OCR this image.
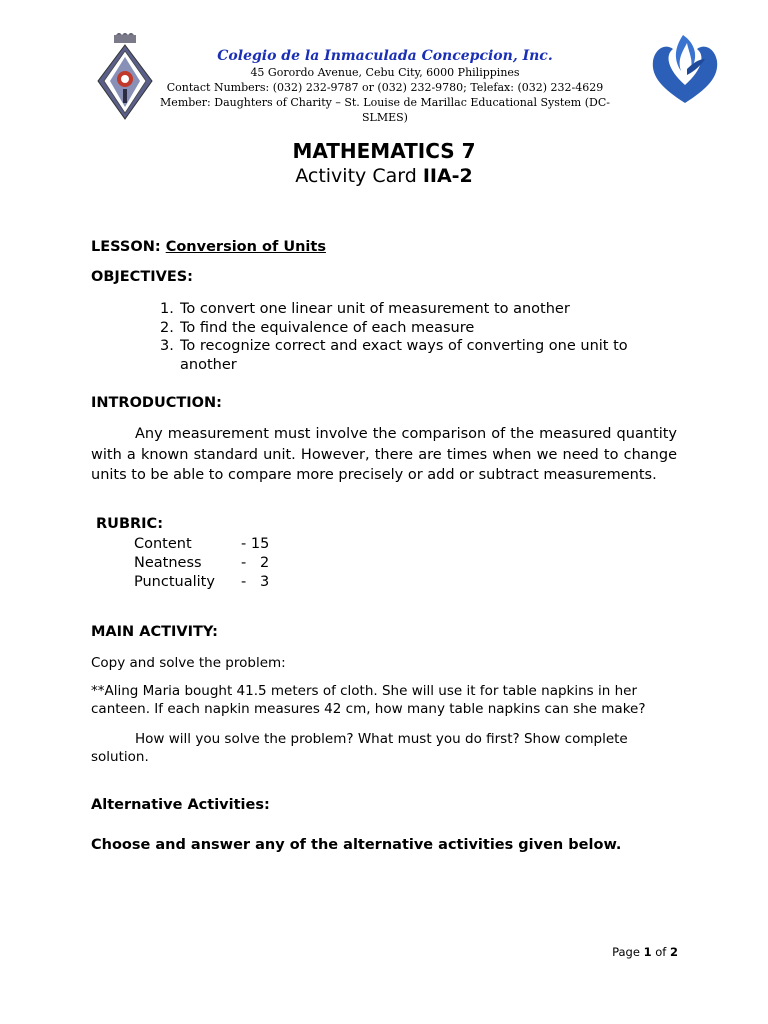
Colegio de la Inmaculada Concepcion, Inc.
45 Gorordo Avenue, Cebu City, 6000 Philippines
Contact Numbers: (032) 232-9787 or (032) 232-9780; Telefax: (032) 232-4629
Member: Daughters of Charity – St. Louise de Marillac Educational System (DC- SLMES)
MATHEMATICS 7
Activity Card IIA-2
LESSON: Conversion of Units
OBJECTIVES:
1. To convert one linear unit of measurement to another
2. To find the equivalence of each measure
3. To recognize correct and exact ways of converting one unit to another
INTRODUCTION:

Any measurement must involve the comparison of the measured quantity with a known standard unit. However, there are times when we need to change units to be able to compare more precisely or add or subtract measurements.

RUBRIC:
Content	- 15
Neatness	-   2
Punctuality -   3
MAIN ACTIVITY:
Copy and solve the problem:

**Aling Maria bought 41.5 meters of cloth. She will use it for table napkins in her canteen. If each napkin measures 42 cm, how many table napkins can she make?

How will you solve the problem? What must you do first? Show complete solution.

Alternative Activities:
Choose and answer any of the alternative activities given below.
Page 1 of 2
